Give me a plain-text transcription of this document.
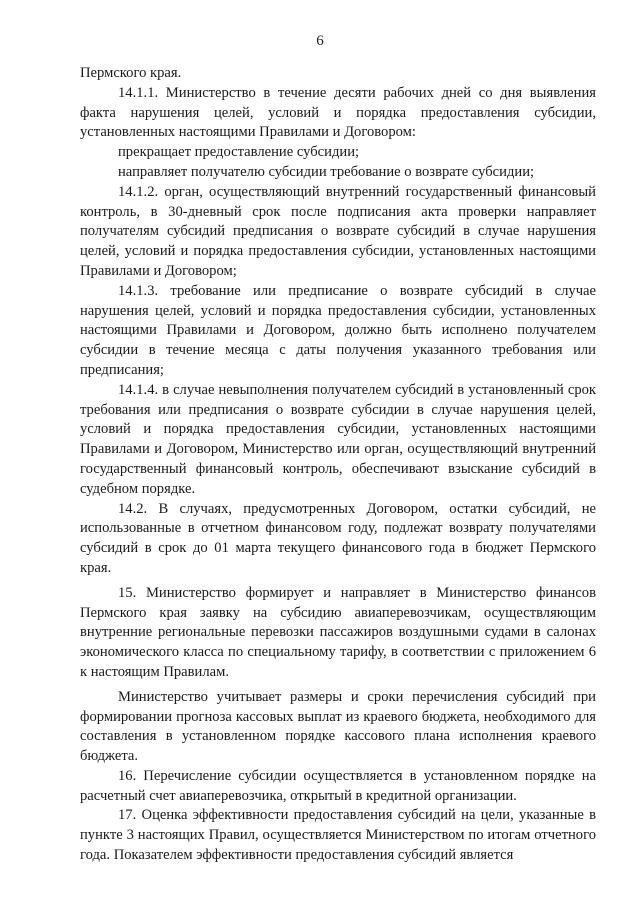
6

Пермского края.

14.1.1. Министерство в течение десяти рабочих дней со дня выявления факта нарушения целей, условий и порядка предоставления субсидии, установленных настоящими Правилами и Договором:

прекращает предоставление субсидии;

направляет получателю субсидии требование о возврате субсидии;

14.1.2. орган, осуществляющий внутренний государственный финансовый контроль, в 30-дневный срок после подписания акта проверки направляет получателям субсидий предписания о возврате субсидий в случае нарушения целей, условий и порядка предоставления субсидии, установленных настоящими Правилами и Договором;

14.1.3. требование или предписание о возврате субсидий в случае нарушения целей, условий и порядка предоставления субсидии, установленных настоящими Правилами и Договором, должно быть исполнено получателем субсидии в течение месяца с даты получения указанного требования или предписания;

14.1.4. в случае невыполнения получателем субсидий в установленный срок требования или предписания о возврате субсидии в случае нарушения целей, условий и порядка предоставления субсидии, установленных настоящими Правилами и Договором, Министерство или орган, осуществляющий внутренний государственный финансовый контроль, обеспечивают взыскание субсидий в судебном порядке.

14.2. В случаях, предусмотренных Договором, остатки субсидий, не использованные в отчетном финансовом году, подлежат возврату получателями субсидий в срок до 01 марта текущего финансового года в бюджет Пермского края.

15. Министерство формирует и направляет в Министерство финансов Пермского края заявку на субсидию авиаперевозчикам, осуществляющим внутренние региональные перевозки пассажиров воздушными судами в салонах экономического класса по специальному тарифу, в соответствии с приложением 6 к настоящим Правилам.

Министерство учитывает размеры и сроки перечисления субсидий при формировании прогноза кассовых выплат из краевого бюджета, необходимого для составления в установленном порядке кассового плана исполнения краевого бюджета.

16. Перечисление субсидии осуществляется в установленном порядке на расчетный счет авиаперевозчика, открытый в кредитной организации.

17. Оценка эффективности предоставления субсидий на цели, указанные в пункте 3 настоящих Правил, осуществляется Министерством по итогам отчетного года. Показателем эффективности предоставления субсидий является
